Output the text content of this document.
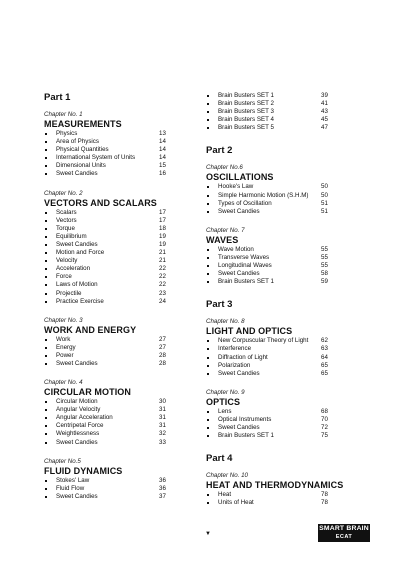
Part 1
Chapter No. 1
MEASUREMENTS
Physics	13
Area of Physics	14
Physical Quantities	14
International System of Units	14
Dimensional Units	15
Sweet Candies	16
Chapter No. 2
VECTORS AND SCALARS
Scalars	17
Vectors	17
Torque	18
Equilibrium	19
Sweet Candies	19
Motion and Force	21
Velocity	21
Acceleration	22
Force	22
Laws of Motion	22
Projectile	23
Practice Exercise	24
Chapter No. 3
WORK AND ENERGY
Work	27
Energy	27
Power	28
Sweet Candies	28
Chapter No. 4
CIRCULAR MOTION
Circular Motion	30
Angular Velocity	31
Angular Acceleration	31
Centripetal Force	31
Weightlessness	32
Sweet Candies	33
Chapter No.5
FLUID DYNAMICS
Stokes' Law	36
Fluid Flow	36
Sweet Candies	37
Brain Busters SET 1	39
Brain Busters SET 2	41
Brain Busters SET 3	43
Brain Busters SET 4	45
Brain Busters SET 5	47
Part 2
Chapter No.6
OSCILLATIONS
Hooke's Law	50
Simple Harmonic Motion (S.H.M) 50
Types of Oscillation	51
Sweet Candies	51
Chapter No. 7
WAVES
Wave Motion	55
Transverse Waves	55
Longitudinal Waves	55
Sweet Candies	58
Brain Busters SET 1	59
Part 3
Chapter No. 8
LIGHT AND OPTICS
New Corpuscular Theory of Light 62
Interference	63
Diffraction of Light	64
Polarization	65
Sweet Candies	65
Chapter No. 9
OPTICS
Lens	68
Optical Instruments	70
Sweet Candies	72
Brain Busters SET 1	75
Part 4
Chapter No. 10
HEAT AND THERMODYNAMICS
Heat	78
Units of Heat	78
▼
SMART BRAIN
ECAT
